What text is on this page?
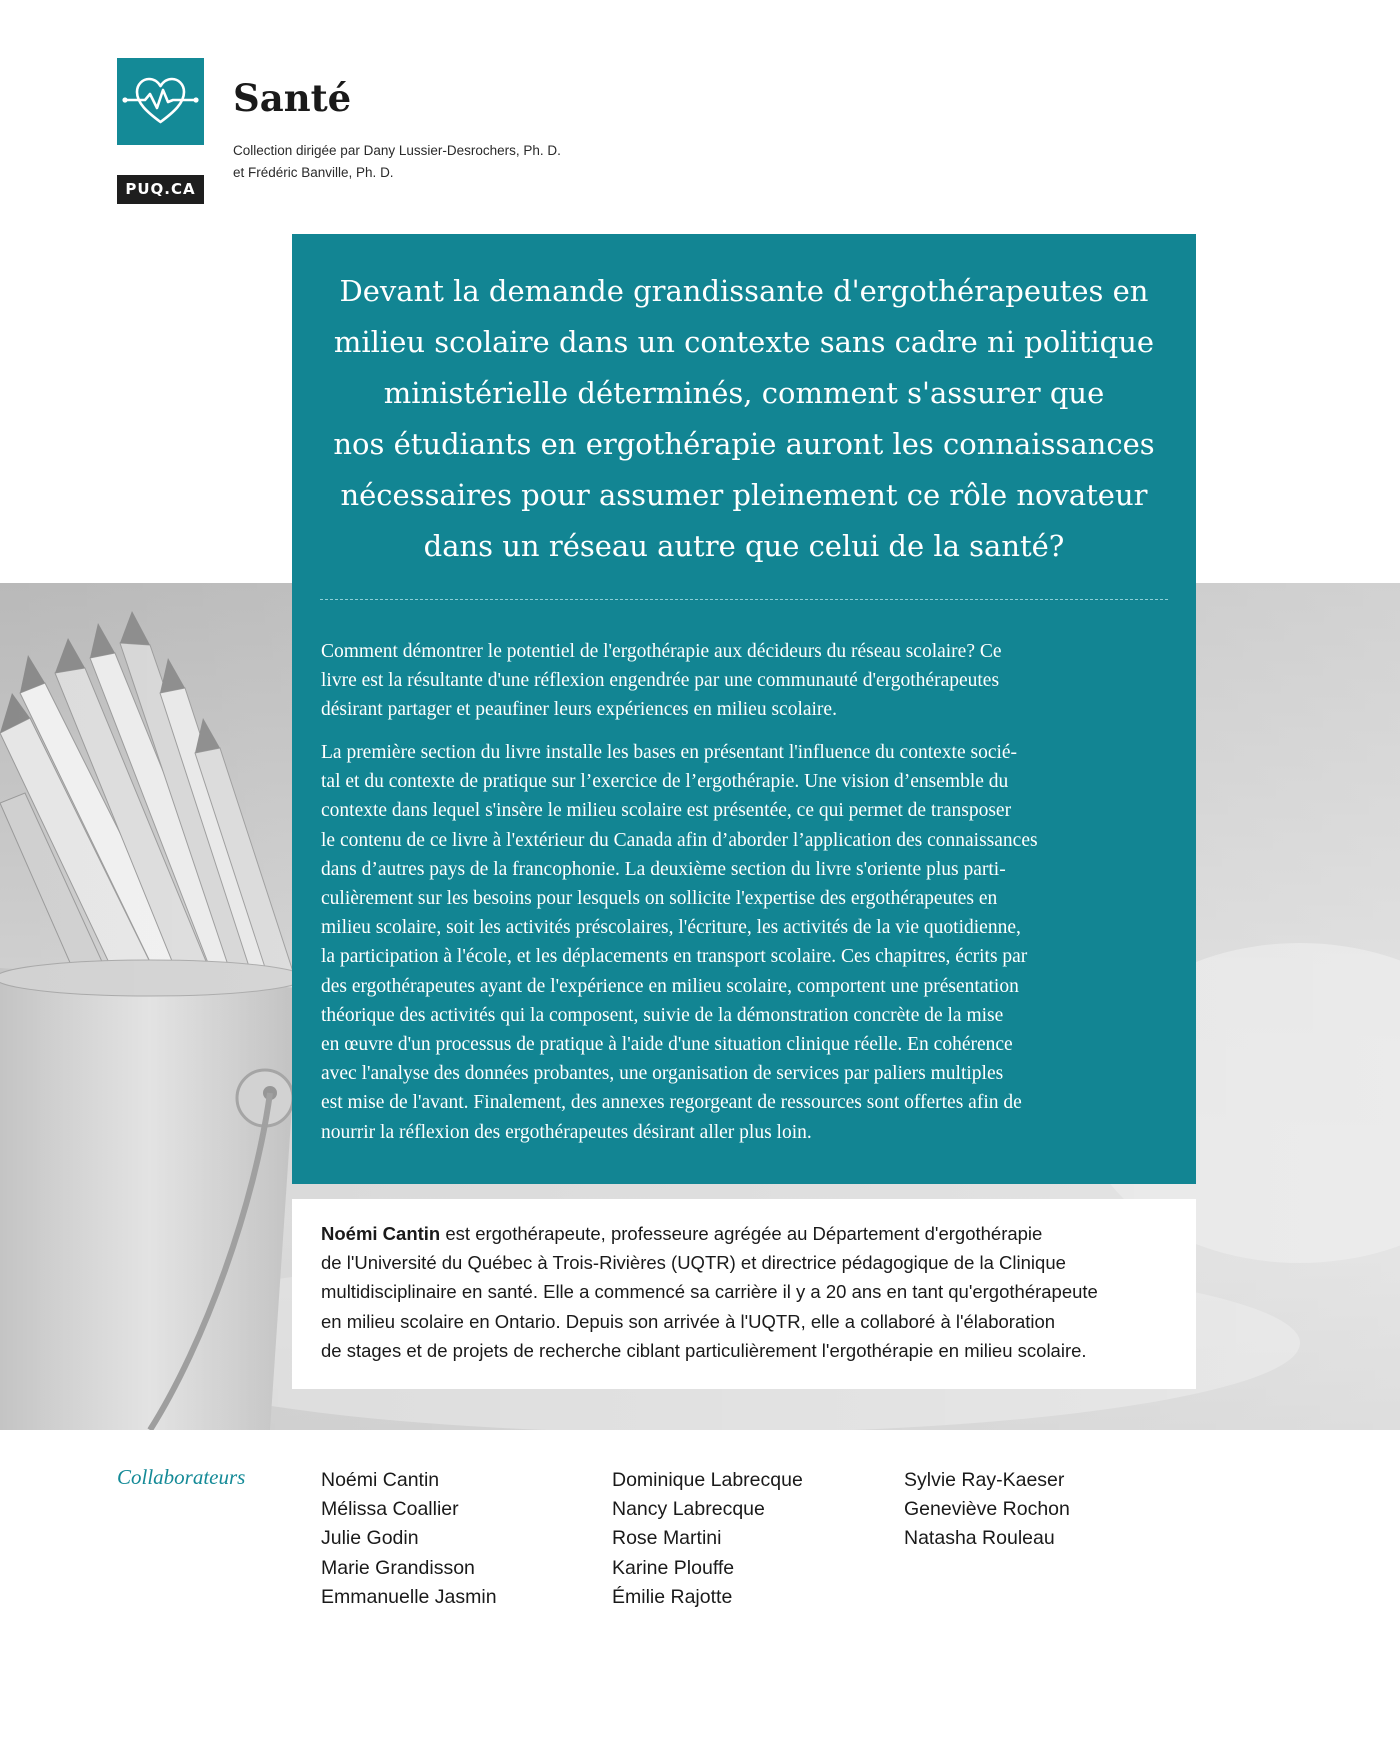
PUQ.CA
Santé
Collection dirigée par Dany Lussier-Desrochers, Ph. D.
et Frédéric Banville, Ph. D.
Devant la demande grandissante d'ergothérapeutes en
milieu scolaire dans un contexte sans cadre ni politique
ministérielle déterminés, comment s'assurer que
nos étudiants en ergothérapie auront les connaissances
nécessaires pour assumer pleinement ce rôle novateur
dans un réseau autre que celui de la santé?
Comment démontrer le potentiel de l'ergothérapie aux décideurs du réseau scolaire? Ce
livre est la résultante d'une réflexion engendrée par une communauté d'ergothérapeutes
désirant partager et peaufiner leurs expériences en milieu scolaire.
La première section du livre installe les bases en présentant l'influence du contexte socié-
tal et du contexte de pratique sur l’exercice de l’ergothérapie. Une vision d’ensemble du
contexte dans lequel s'insère le milieu scolaire est présentée, ce qui permet de transposer
le contenu de ce livre à l'extérieur du Canada afin d’aborder l’application des connaissances
dans d’autres pays de la francophonie. La deuxième section du livre s'oriente plus parti-
culièrement sur les besoins pour lesquels on sollicite l'expertise des ergothérapeutes en
milieu scolaire, soit les activités préscolaires, l'écriture, les activités de la vie quotidienne,
la participation à l'école, et les déplacements en transport scolaire. Ces chapitres, écrits par
des ergothérapeutes ayant de l'expérience en milieu scolaire, comportent une présentation
théorique des activités qui la composent, suivie de la démonstration concrète de la mise
en œuvre d'un processus de pratique à l'aide d'une situation clinique réelle. En cohérence
avec l'analyse des données probantes, une organisation de services par paliers multiples
est mise de l'avant. Finalement, des annexes regorgeant de ressources sont offertes afin de
nourrir la réflexion des ergothérapeutes désirant aller plus loin.
Noémi Cantin est ergothérapeute, professeure agrégée au Département d'ergothérapie
de l'Université du Québec à Trois-Rivières (UQTR) et directrice pédagogique de la Clinique
multidisciplinaire en santé. Elle a commencé sa carrière il y a 20 ans en tant qu'ergothérapeute
en milieu scolaire en Ontario. Depuis son arrivée à l'UQTR, elle a collaboré à l'élaboration
de stages et de projets de recherche ciblant particulièrement l'ergothérapie en milieu scolaire.
Collaborateurs	Noémi Cantin
Mélissa Coallier
Julie Godin
Marie Grandisson
Emmanuelle Jasmin
Dominique Labrecque
Nancy Labrecque
Rose Martini
Karine Plouffe
Émilie Rajotte
Sylvie Ray-Kaeser
Geneviève Rochon
Natasha Rouleau
